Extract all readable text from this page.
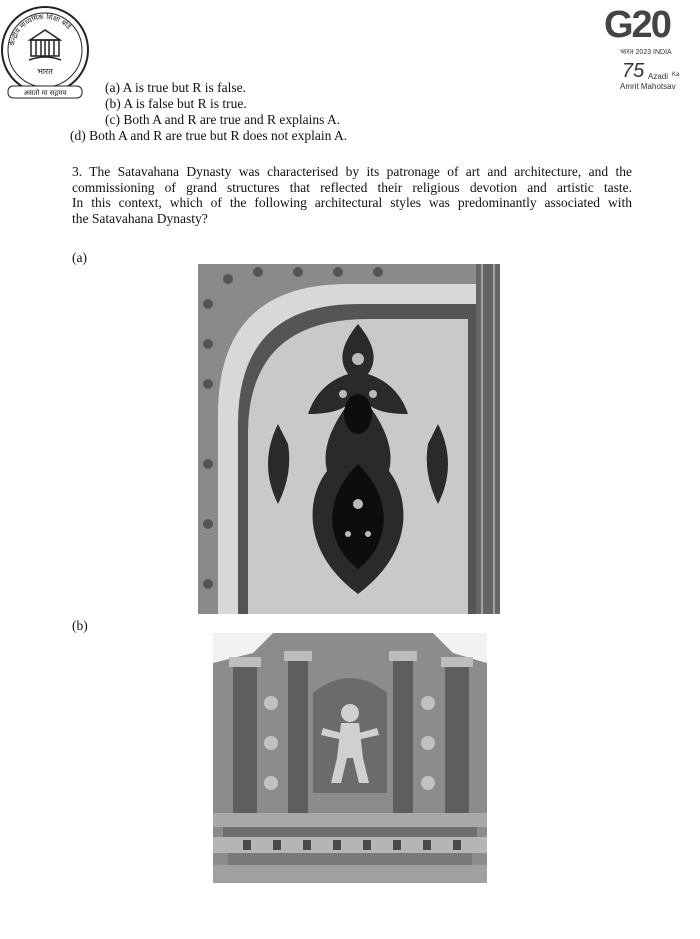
केन्द्रीय माध्यमिक शिक्षा बोर्ड
भारत
असतो मा सद्गमय
G20
भारत 2023 INDIA
75 Azadi Ka
Amrit Mahotsav
(a) A is true but R is false.
(b) A is false but R is true.
(c) Both A and R are true and R explains A.
(d) Both A and R are true but R does not explain A.
3. The Satavahana Dynasty was characterised by its patronage of art and architecture, and the
commissioning of grand structures that reflected their religious devotion and artistic taste.
In this context, which of the following architectural styles was predominantly associated with
the Satavahana Dynasty?
(a)
(b)
